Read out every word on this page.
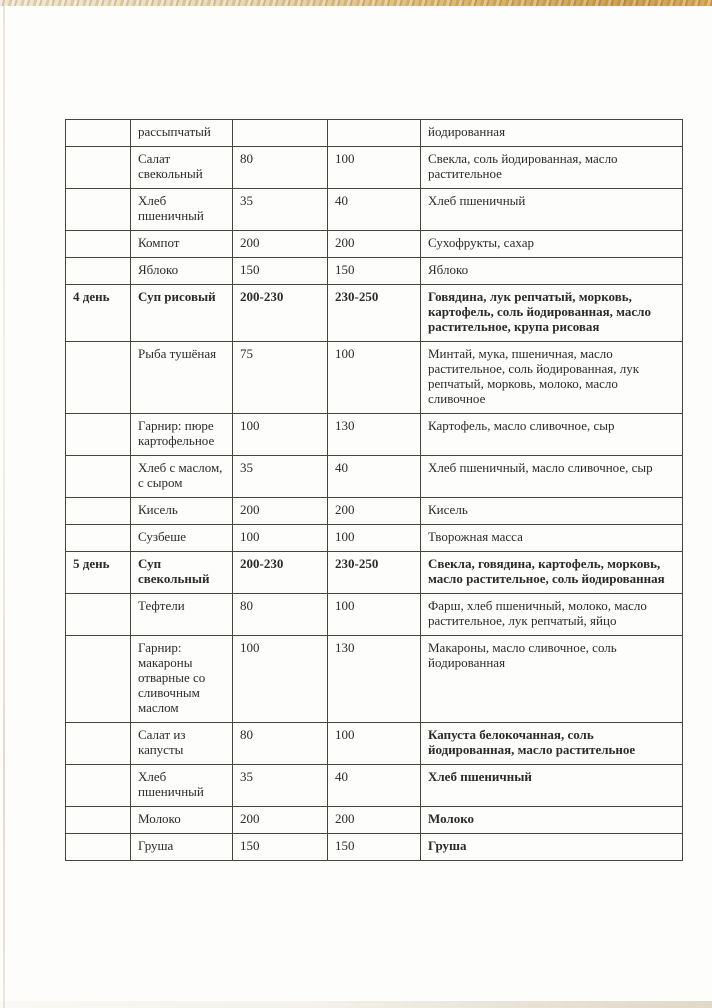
	рассыпчатый			йодированная
	Салат свекольный	80	100	Свекла, соль йодированная, масло растительное
	Хлеб пшеничный	35	40	Хлеб пшеничный
	Компот	200	200	Сухофрукты, сахар
	Яблоко	150	150	Яблоко
4 день	Суп рисовый	200-230	230-250	Говядина, лук репчатый, морковь, картофель, соль йодированная, масло растительное, крупа рисовая
	Рыба тушёная	75	100	Минтай, мука, пшеничная, масло растительное, соль йодированная, лук репчатый, морковь, молоко, масло сливочное
	Гарнир: пюре картофельное	100	130	Картофель, масло сливочное, сыр
	Хлеб с маслом, с сыром	35	40	Хлеб пшеничный, масло сливочное, сыр
	Кисель	200	200	Кисель
	Сузбеше	100	100	Творожная масса
5 день	Суп свекольный	200-230	230-250	Свекла, говядина, картофель, морковь, масло растительное, соль йодированная
	Тефтели	80	100	Фарш, хлеб пшеничный, молоко, масло растительное, лук репчатый, яйцо
	Гарнир: макароны отварные со сливочным маслом	100	130	Макароны, масло сливочное, соль йодированная
	Салат из капусты	80	100	Капуста белокочанная, соль йодированная, масло растительное
	Хлеб пшеничный	35	40	Хлеб пшеничный
	Молоко	200	200	Молоко
	Груша	150	150	Груша
